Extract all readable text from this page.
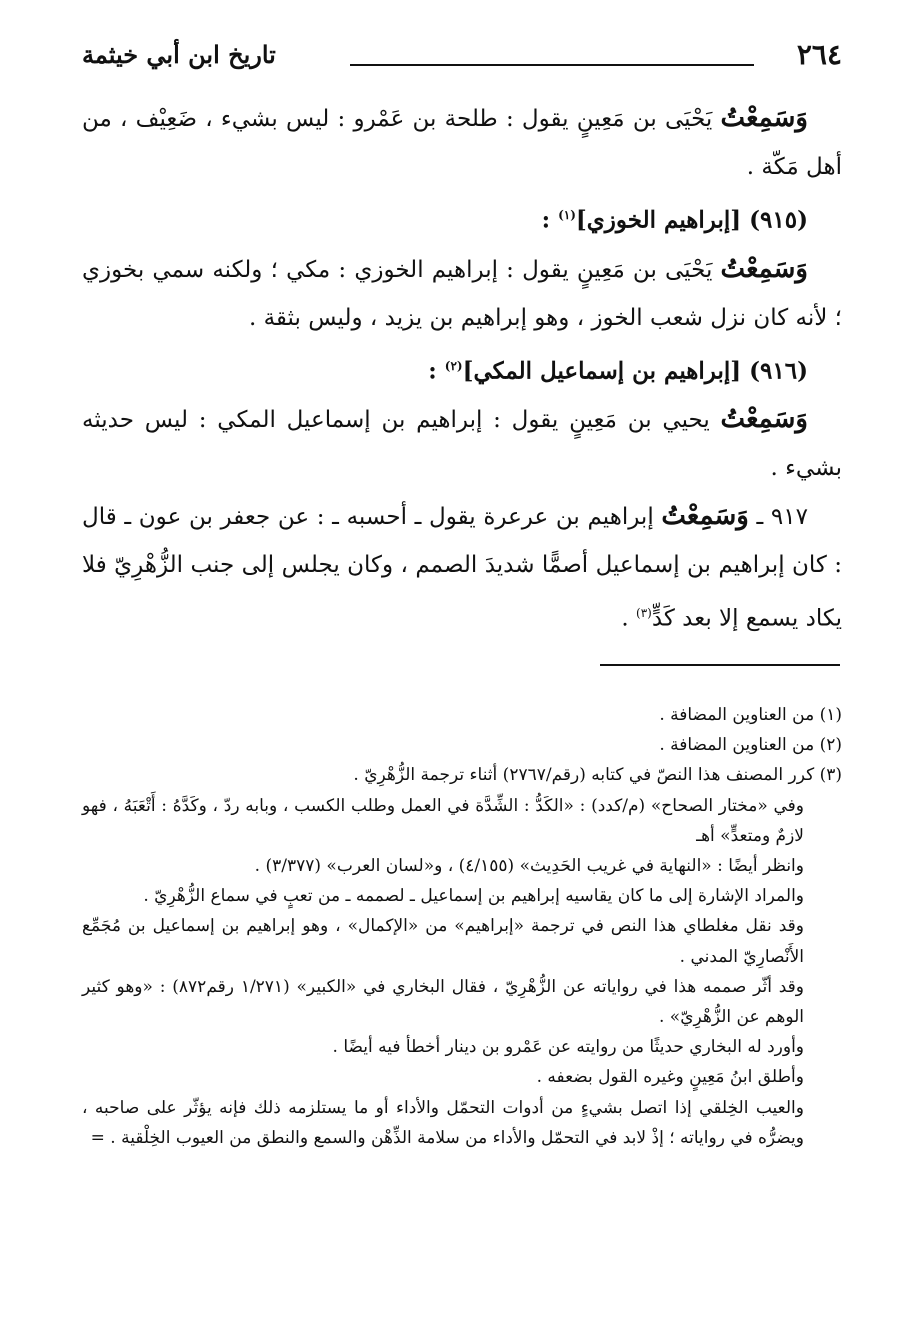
٢٦٤
تاريخ ابن أبي خيثمة

وَسَمِعْتُ يَحْيَى بن مَعِينٍ يقول : طلحة بن عَمْرو : ليس بشيء ، ضَعِيْف ، من أهل مَكّة .

(٩١٥) [إبراهيم الخوزي]$^{(١)}$ :

وَسَمِعْتُ يَحْيَى بن مَعِينٍ يقول : إبراهيم الخوزي : مكي ؛ ولكنه سمي بخوزي ؛ لأنه كان نزل شعب الخوز ، وهو إبراهيم بن يزيد ، وليس بثقة .

(٩١٦) [إبراهيم بن إسماعيل المكي]$^{(٢)}$ :

وَسَمِعْتُ يحيي بن مَعِينٍ يقول : إبراهيم بن إسماعيل المكي : ليس حديثه بشيء .

٩١٧ ـ وَسَمِعْتُ إبراهيم بن عرعرة يقول ـ أحسبه ـ : عن جعفر بن عون ـ قال : كان إبراهيم بن إسماعيل أصمًّا شديدَ الصمم ، وكان يجلس إلى جنب الزُّهْرِيّ فلا يكاد يسمع إلا بعد كَدٍّ$^{(٣)}$ .

(١) من العناوين المضافة .

(٢) من العناوين المضافة .

(٣) كرر المصنف هذا النصّ في كتابه (رقم/٢٧٦٧) أثناء ترجمة الزُّهْرِيّ .

وفي «مختار الصحاح» (م/كدد) : «الكَدُّ : الشِّدَّة في العمل وطلب الكسب ، وبابه ردّ ، وكَدَّهُ : أَتْعَبَهُ ، فهو لازمٌ ومتعدٍّ» أهـ

وانظر أيضًا : «النهاية في غريب الحَدِيث» (٤/١٥٥) ، و«لسان العرب» (٣/٣٧٧) .

والمراد الإشارة إلى ما كان يقاسيه إبراهيم بن إسماعيل ـ لصممه ـ من تعبٍ في سماع الزُّهْرِيّ .

وقد نقل مغلطاي هذا النص في ترجمة «إبراهيم» من «الإكمال» ، وهو إبراهيم بن إسماعيل بن مُجَمِّع الأَنْصارِيّ المدني .

وقد أثّر صممه هذا في رواياته عن الزُّهْرِيّ ، فقال البخاري في «الكبير» (١/٢٧١ رقم٨٧٢) : «وهو كثير الوهم عن الزُّهْرِيّ» .

وأورد له البخاري حديثًا من روايته عن عَمْرو بن دينار أخطأ فيه أيضًا .

وأطلق ابنُ مَعِينٍ وغيره القول بضعفه .

والعيب الخِلقي إذا اتصل بشيءٍ من أدوات التحمّل والأداء أو ما يستلزمه ذلك فإنه يؤثّر على صاحبه ، ويضرُّه في رواياته ؛ إذْ لابد في التحمّل والأداء من سلامة الذِّهْن والسمع والنطق من العيوب الخِلْقية . =
